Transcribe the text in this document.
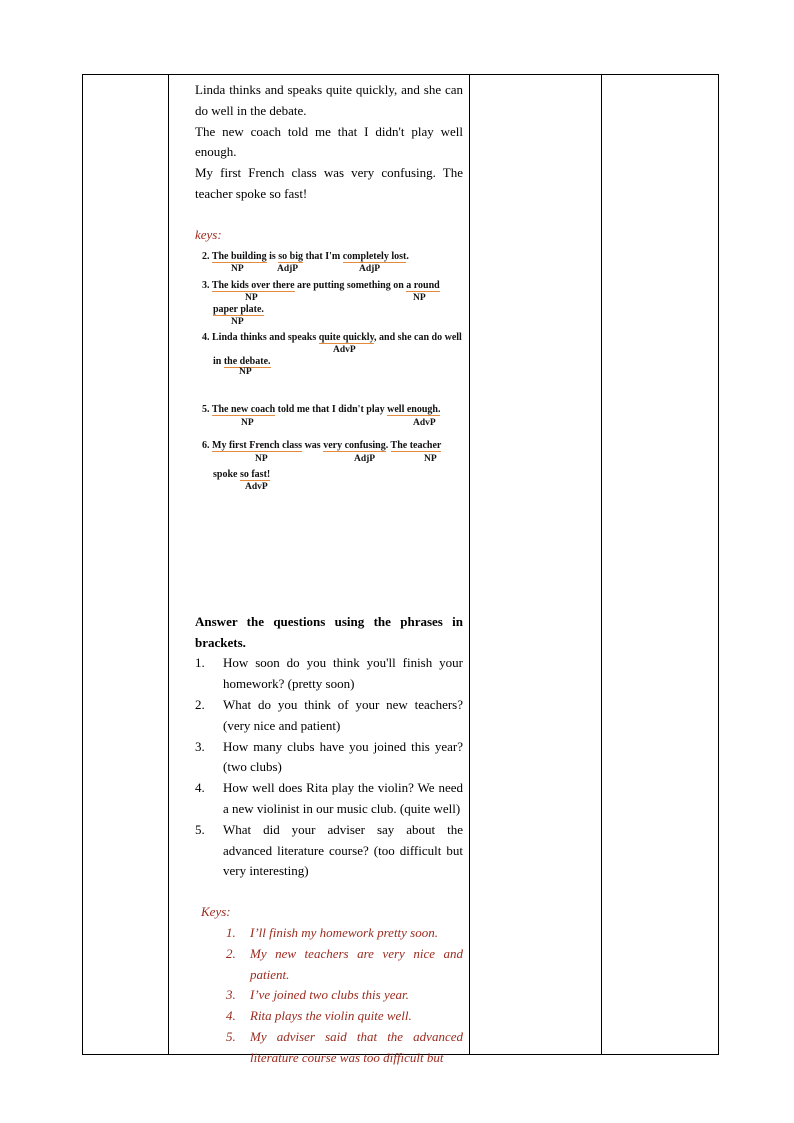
Linda thinks and speaks quite quickly, and she can do well in the debate.

The new coach told me that I didn't play well enough.

My first French class was very confusing. The teacher spoke so fast!

keys:

2. The building is so big that I'm completely lost.
NP	AdjP	AdjP
3. The kids over there are putting something on a round
NP	NP
paper plate.
NP
4. Linda thinks and speaks quite quickly, and she can do well
AdvP
in the debate.
NP
5. The new coach told me that I didn't play well enough.
NP	AdvP
6. My first French class was very confusing. The teacher
NP	AdjP	NP
spoke so fast!
AdvP

Answer the questions using the phrases in brackets.

1. How soon do you think you'll finish your homework? (pretty soon)
2. What do you think of your new teachers? (very nice and patient)
3. How many clubs have you joined this year? (two clubs)
4. How well does Rita play the violin? We need a new violinist in our music club. (quite well)
5. What did your adviser say about the advanced literature course? (too difficult but very interesting)

Keys:

1. I’ll finish my homework pretty soon.
2. My new teachers are very nice and patient.
3. I’ve joined two clubs this year.
4. Rita plays the violin quite well.
5. My adviser said that the advanced literature course was too difficult but
